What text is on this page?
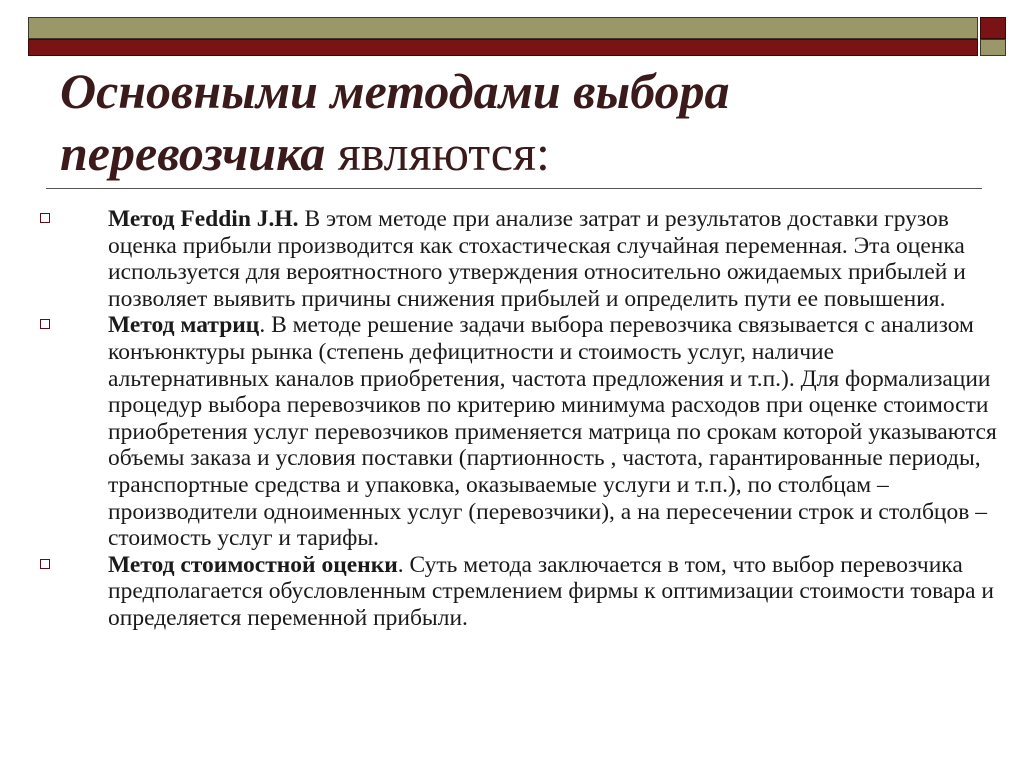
Основными методами выбора
перевозчика являются:
Метод Feddin J.H. В этом методе при анализе затрат и результатов доставки грузов оценка прибыли производится как стохастическая случайная переменная. Эта оценка используется для вероятностного утверждения относительно ожидаемых прибылей и позволяет выявить причины снижения прибылей и определить пути ее повышения.
Метод матриц. В методе решение задачи выбора перевозчика связывается с анализом конъюнктуры рынка (степень дефицитности и стоимость услуг, наличие альтернативных каналов приобретения, частота предложения и т.п.). Для формализации процедур выбора перевозчиков по критерию минимума расходов при оценке стоимости приобретения услуг перевозчиков применяется матрица по срокам которой указываются объемы заказа и условия поставки (партионность , частота, гарантированные периоды, транспортные средства и упаковка, оказываемые услуги и т.п.), по столбцам – производители одноименных услуг (перевозчики), а на пересечении строк и столбцов – стоимость услуг и тарифы.
Метод стоимостной оценки. Суть метода заключается в том, что выбор перевозчика предполагается обусловленным стремлением фирмы к оптимизации стоимости товара и определяется переменной прибыли.
